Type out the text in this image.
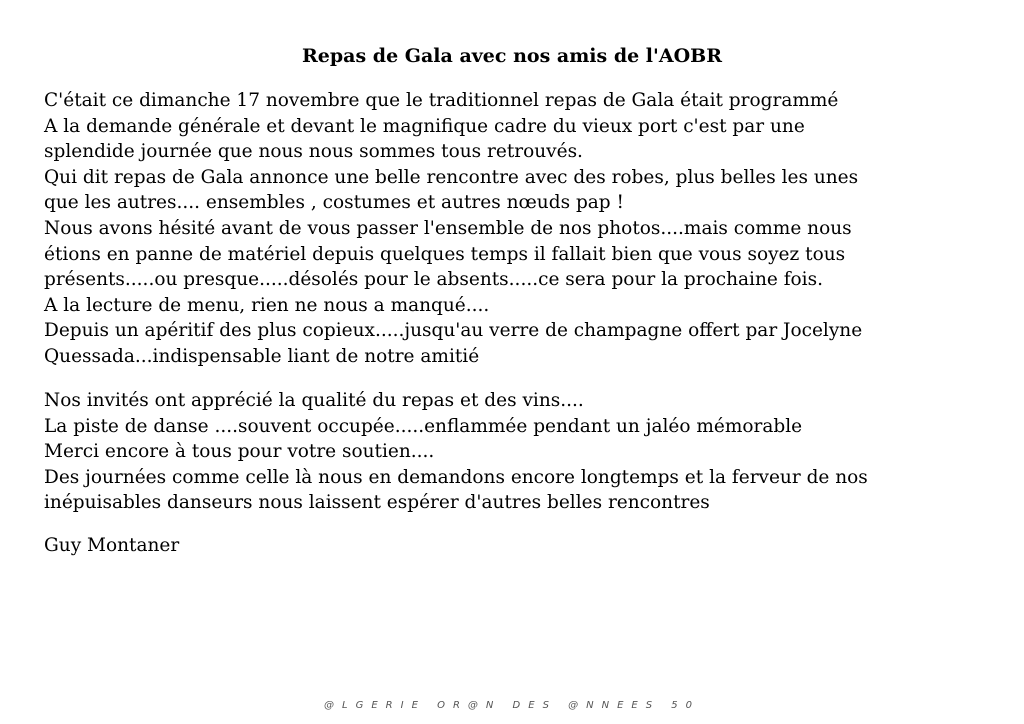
Repas de Gala avec nos amis de l'AOBR
C'était ce dimanche 17 novembre que le traditionnel repas de Gala était programmé
A la demande générale et devant le magnifique cadre du vieux port c'est par une
splendide journée que nous nous sommes tous retrouvés.
Qui dit repas de Gala annonce une belle rencontre avec des robes, plus belles les unes
que les autres.... ensembles , costumes et autres nœuds pap !
Nous avons hésité avant de vous passer l'ensemble de nos photos....mais comme nous
étions en panne de matériel depuis quelques temps il fallait bien que vous soyez tous
présents.....ou presque.....désolés pour le absents.....ce sera pour la prochaine fois.
A la lecture de menu, rien ne nous a manqué....
Depuis un apéritif des plus copieux.....jusqu'au verre de champagne offert par Jocelyne
Quessada...indispensable liant de notre amitié
Nos invités ont apprécié la qualité du repas et des vins....
La piste de danse ....souvent occupée.....enflammée pendant un jaléo mémorable
Merci encore à tous pour votre soutien....
Des journées comme celle là nous en demandons encore longtemps et la ferveur de nos
inépuisables danseurs nous laissent espérer d'autres belles rencontres
Guy Montaner
@LGERIE OR@N DES @NNEES 50
